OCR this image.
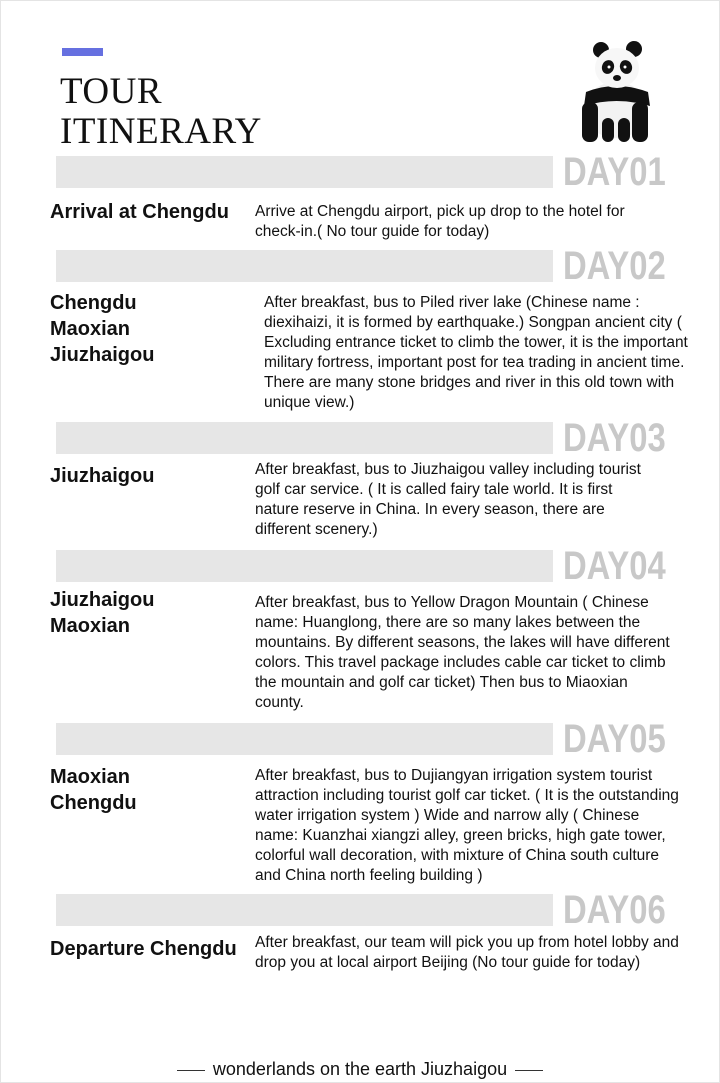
TOUR
ITINERARY
DAY01
Arrival at Chengdu Arrive at Chengdu airport, pick up drop to the hotel for check-in.( No tour guide for today)
DAY02
Chengdu
Maoxian
Jiuzhaigou
After breakfast, bus to Piled river lake (Chinese name : diexihaizi, it is formed by earthquake.) Songpan ancient city ( Excluding entrance ticket to climb the tower, it is the important military fortress, important post for tea trading in ancient time. There are many stone bridges and river in this old town with unique view.)
DAY03
Jiuzhaigou	After breakfast, bus to Jiuzhaigou valley including tourist golf car service. ( It is called fairy tale world. It is first nature reserve in China. In every season, there are different scenery.)
DAY04
Jiuzhaigou
Maoxian
After breakfast, bus to Yellow Dragon Mountain ( Chinese name: Huanglong, there are so many lakes between the mountains. By different seasons, the lakes will have different colors. This travel package includes cable car ticket to climb the mountain and golf car ticket) Then bus to Miaoxian county.
DAY05
Maoxian
Chengdu
After breakfast, bus to Dujiangyan irrigation system tourist attraction including tourist golf car ticket. ( It is the outstanding water irrigation system ) Wide and narrow ally ( Chinese name: Kuanzhai xiangzi alley, green bricks, high gate tower, colorful wall decoration, with mixture of China south culture and China north feeling building )
DAY06
Departure Chengdu After breakfast, our team will pick you up from hotel lobby and drop you at local airport Beijing (No tour guide for today)
wonderlands on the earth Jiuzhaigou
